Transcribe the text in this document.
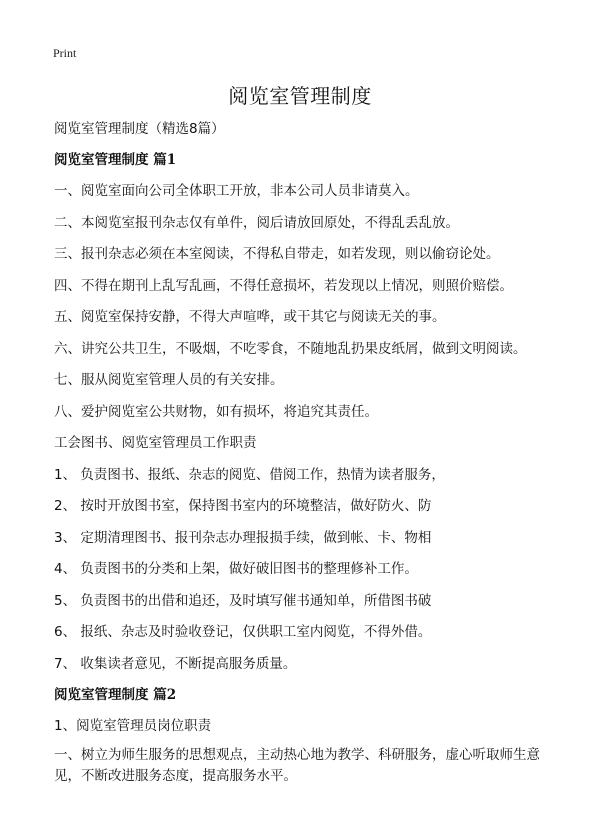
Print
阅览室管理制度
阅览室管理制度（精选8篇）
阅览室管理制度 篇1
一、阅览室面向公司全体职工开放，非本公司人员非请莫入。
二、本阅览室报刊杂志仅有单件，阅后请放回原处，不得乱丢乱放。
三、报刊杂志必须在本室阅读，不得私自带走，如若发现，则以偷窃论处。
四、不得在期刊上乱写乱画，不得任意损坏，若发现以上情况，则照价赔偿。
五、阅览室保持安静，不得大声喧哗，或干其它与阅读无关的事。
六、讲究公共卫生，不吸烟，不吃零食，不随地乱扔果皮纸屑，做到文明阅读。
七、服从阅览室管理人员的有关安排。
八、爱护阅览室公共财物，如有损坏，将追究其责任。
工会图书、阅览室管理员工作职责
1、 负责图书、报纸、杂志的阅览、借阅工作，热情为读者服务，
2、 按时开放图书室，保持图书室内的环境整洁，做好防火、防
3、 定期清理图书、报刊杂志办理报损手续，做到帐、卡、物相
4、 负责图书的分类和上架，做好破旧图书的整理修补工作。
5、 负责图书的出借和追还，及时填写催书通知单，所借图书破
6、 报纸、杂志及时验收登记，仅供职工室内阅览，不得外借。
7、 收集读者意见，不断提高服务质量。
阅览室管理制度 篇2
1、阅览室管理员岗位职责
一、树立为师生服务的思想观点，主动热心地为教学、科研服务，虚心听取师生意见，不断改进服务态度，提高服务水平。
